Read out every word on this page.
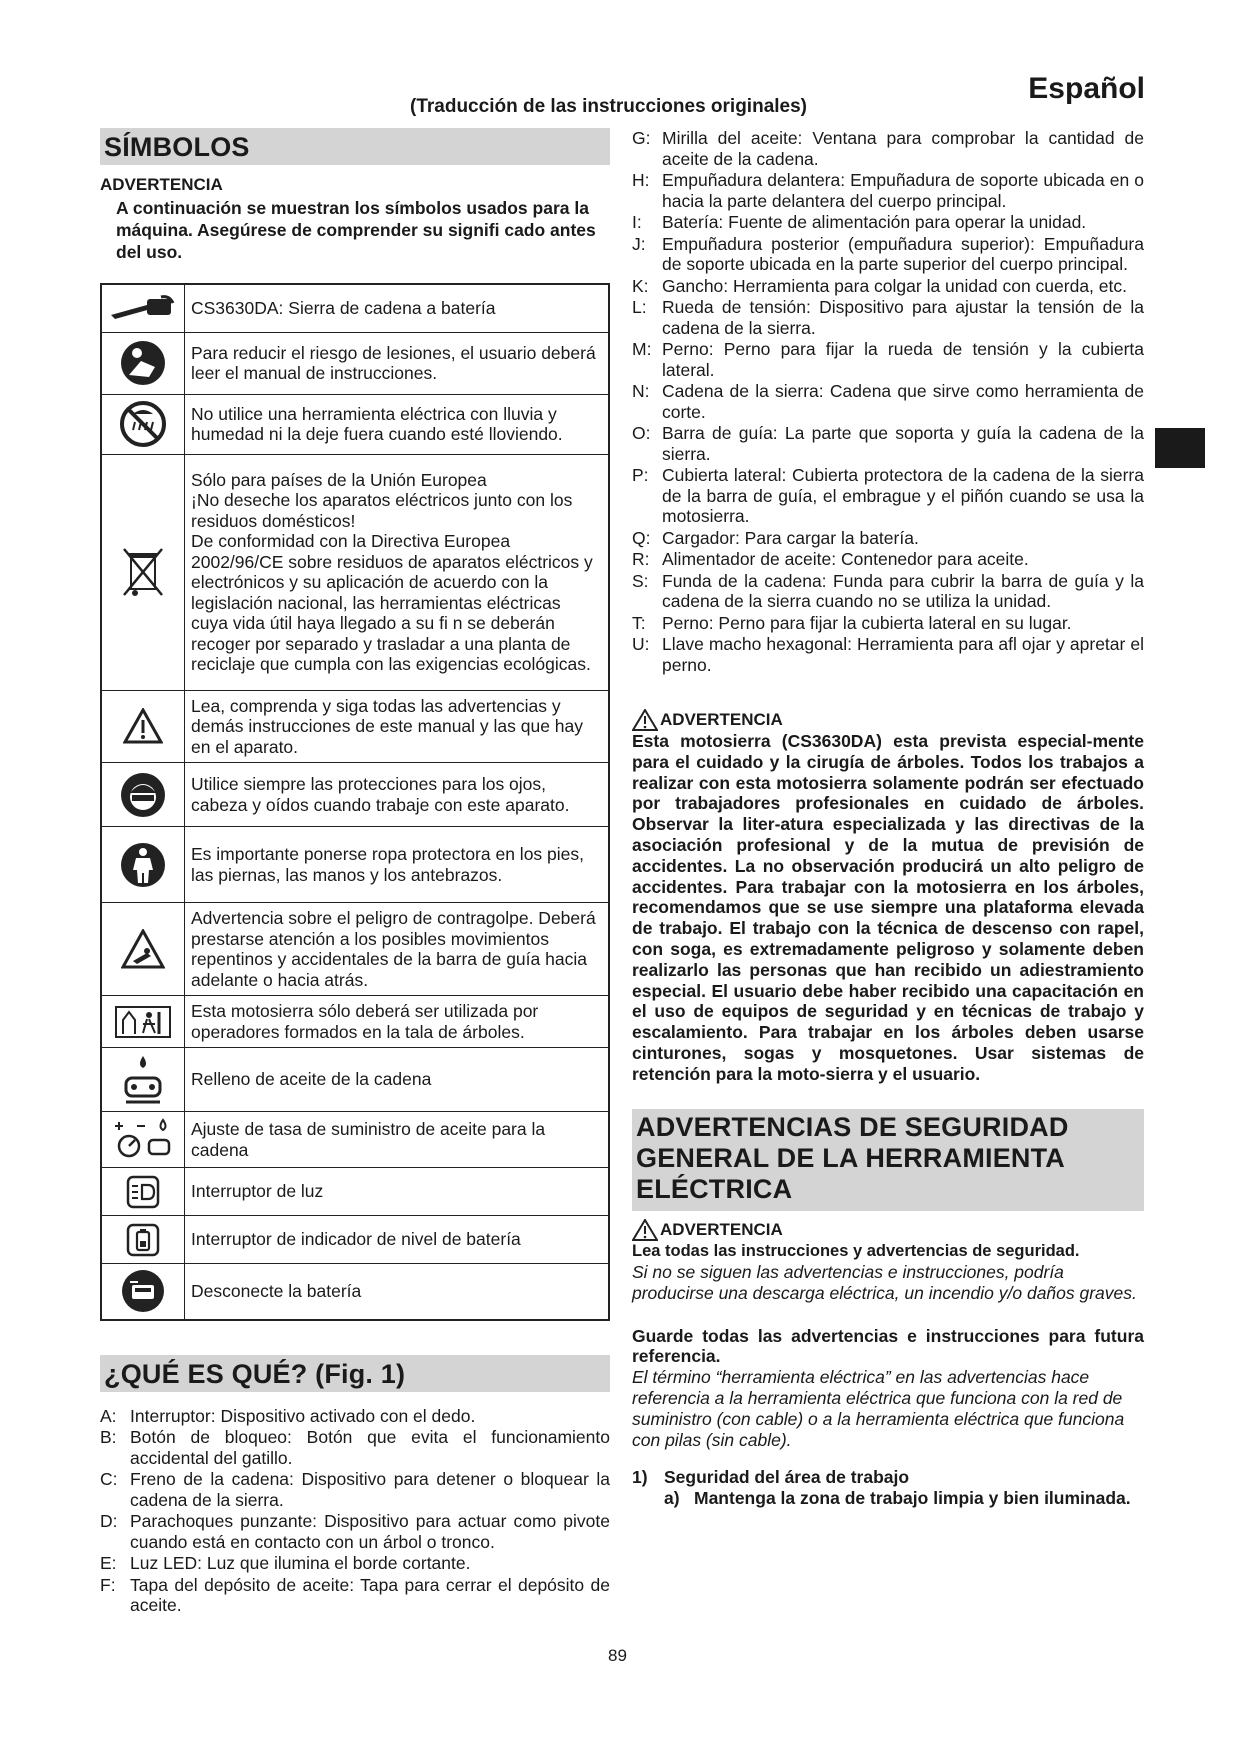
Español
(Traducción de las instrucciones originales)
SÍMBOLOS
ADVERTENCIA
A continuación se muestran los símbolos usados para la máquina. Asegúrese de comprender su signifi cado antes del uso.
	CS3630DA: Sierra de cadena a batería

	Para reducir el riesgo de lesiones, el usuario deberá leer el manual de instrucciones.

	No utilice una herramienta eléctrica con lluvia y humedad ni la deje fuera cuando esté lloviendo.

	Sólo para países de la Unión Europea
¡No deseche los aparatos eléctricos junto con los residuos domésticos!
De conformidad con la Directiva Europea 2002/96/CE sobre residuos de aparatos eléctricos y electrónicos y su aplicación de acuerdo con la legislación nacional, las herramientas eléctricas cuya vida útil haya llegado a su fi n se deberán recoger por separado y trasladar a una planta de reciclaje que cumpla con las exigencias ecológicas.

	Lea, comprenda y siga todas las advertencias y demás instrucciones de este manual y las que hay en el aparato.

	Utilice siempre las protecciones para los ojos, cabeza y oídos cuando trabaje con este aparato.

	Es importante ponerse ropa protectora en los pies, las piernas, las manos y los antebrazos.

	Advertencia sobre el peligro de contragolpe. Deberá prestarse atención a los posibles movimientos repentinos y accidentales de la barra de guía hacia adelante o hacia atrás.

	Esta motosierra sólo deberá ser utilizada por operadores formados en la tala de árboles.

	Relleno de aceite de la cadena

	Ajuste de tasa de suministro de aceite para la cadena

	Interruptor de luz

	Interruptor de indicador de nivel de batería

	Desconecte la batería
¿QUÉ ES QUÉ? (Fig. 1)
A: Interruptor: Dispositivo activado con el dedo.
B: Botón de bloqueo: Botón que evita el funcionamiento accidental del gatillo.
C: Freno de la cadena: Dispositivo para detener o bloquear la cadena de la sierra.
D: Parachoques punzante: Dispositivo para actuar como pivote cuando está en contacto con un árbol o tronco.
E: Luz LED: Luz que ilumina el borde cortante.
F: Tapa del depósito de aceite: Tapa para cerrar el depósito de aceite.
G: Mirilla del aceite: Ventana para comprobar la cantidad de aceite de la cadena.
H: Empuñadura delantera: Empuñadura de soporte ubicada en o hacia la parte delantera del cuerpo principal.
I: Batería: Fuente de alimentación para operar la unidad.
J: Empuñadura posterior (empuñadura superior): Empuñadura de soporte ubicada en la parte superior del cuerpo principal.
K: Gancho: Herramienta para colgar la unidad con cuerda, etc.
L: Rueda de tensión: Dispositivo para ajustar la tensión de la cadena de la sierra.
M: Perno: Perno para fijar la rueda de tensión y la cubierta lateral.
N: Cadena de la sierra: Cadena que sirve como herramienta de corte.
O: Barra de guía: La parte que soporta y guía la cadena de la sierra.
P: Cubierta lateral: Cubierta protectora de la cadena de la sierra de la barra de guía, el embrague y el piñón cuando se usa la motosierra.
Q: Cargador: Para cargar la batería.
R: Alimentador de aceite: Contenedor para aceite.
S: Funda de la cadena: Funda para cubrir la barra de guía y la cadena de la sierra cuando no se utiliza la unidad.
T: Perno: Perno para fijar la cubierta lateral en su lugar.
U: Llave macho hexagonal: Herramienta para afl ojar y apretar el perno.
ADVERTENCIA
Esta motosierra (CS3630DA) esta prevista especial-mente para el cuidado y la cirugía de árboles. Todos los trabajos a realizar con esta motosierra solamente podrán ser efectuado por trabajadores profesionales en cuidado de árboles. Observar la liter-atura especializada y las directivas de la asociación profesional y de la mutua de previsión de accidentes. La no observación producirá un alto peligro de accidentes. Para trabajar con la motosierra en los árboles, recomendamos que se use siempre una plataforma elevada de trabajo. El trabajo con la técnica de descenso con rapel, con soga, es extremadamente peligroso y solamente deben realizarlo las personas que han recibido un adiestramiento especial. El usuario debe haber recibido una capacitación en el uso de equipos de seguridad y en técnicas de trabajo y escalamiento. Para trabajar en los árboles deben usarse cinturones, sogas y mosquetones. Usar sistemas de retención para la moto-sierra y el usuario.
ADVERTENCIAS DE SEGURIDAD GENERAL DE LA HERRAMIENTA ELÉCTRICA
ADVERTENCIA
Lea todas las instrucciones y advertencias de seguridad.
Si no se siguen las advertencias e instrucciones, podría producirse una descarga eléctrica, un incendio y/o daños graves.
Guarde todas las advertencias e instrucciones para futura referencia.
El término “herramienta eléctrica” en las advertencias hace referencia a la herramienta eléctrica que funciona con la red de suministro (con cable) o a la herramienta eléctrica que funciona con pilas (sin cable).
1) Seguridad del área de trabajo
a) Mantenga la zona de trabajo limpia y bien iluminada.
89
